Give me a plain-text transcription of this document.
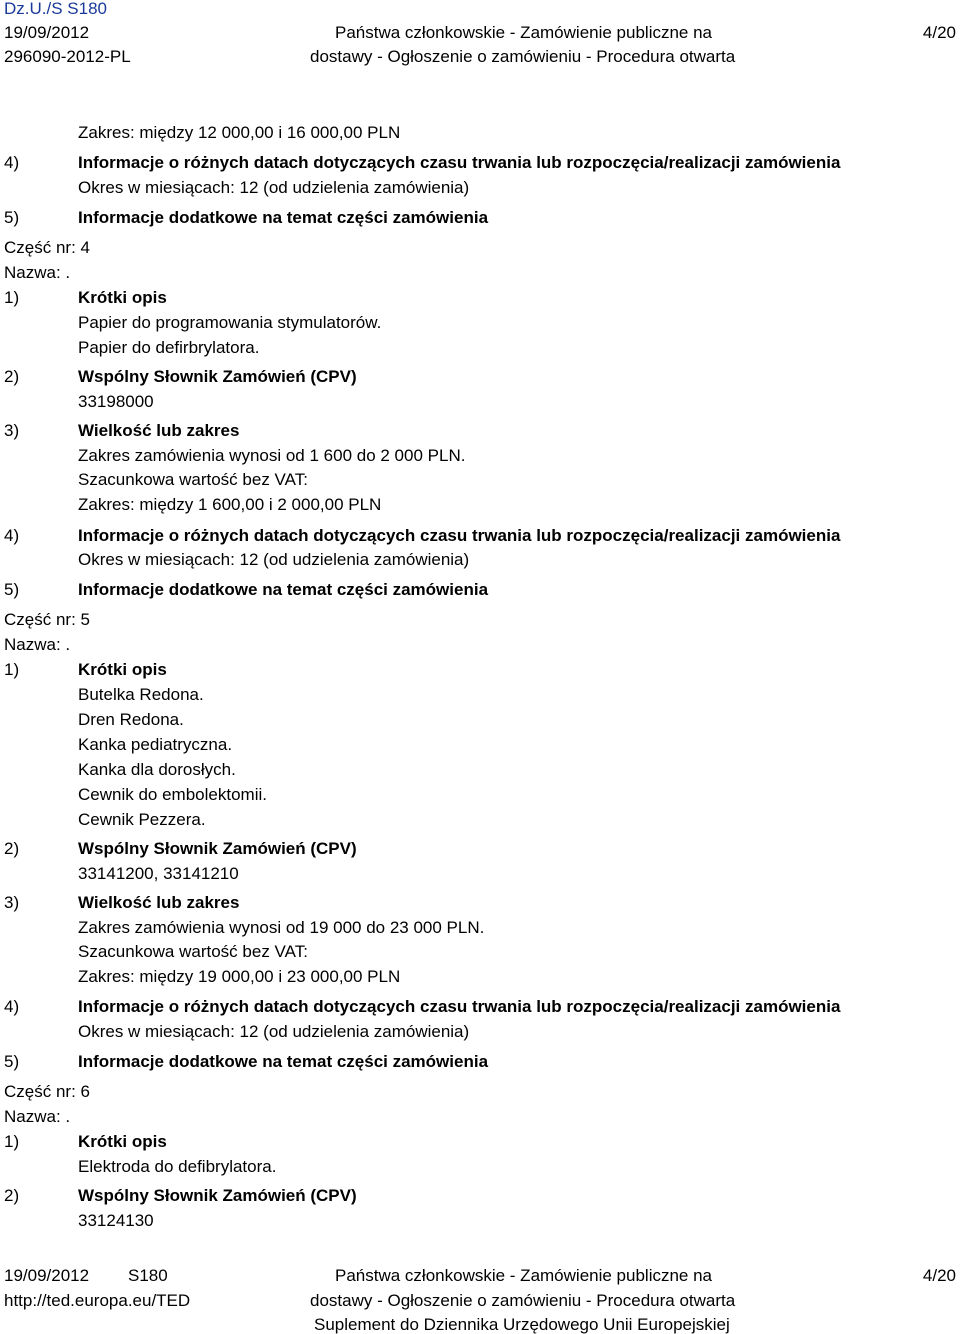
Dz.U./S S180
19/09/2012
296090-2012-PL
Państwa członkowskie - Zamówienie publiczne na
dostawy - Ogłoszenie o zamówieniu - Procedura otwarta
4/20
Zakres: między 12 000,00 i 16 000,00 PLN
4)	Informacje o różnych datach dotyczących czasu trwania lub rozpoczęcia/realizacji zamówienia
Okres w miesiącach: 12 (od udzielenia zamówienia)
5)	Informacje dodatkowe na temat części zamówienia
Część nr: 4
Nazwa: .
1)	Krótki opis
Papier do programowania stymulatorów.
Papier do defirbrylatora.
2)	Wspólny Słownik Zamówień (CPV)
33198000
3)	Wielkość lub zakres
Zakres zamówienia wynosi od 1 600 do 2 000 PLN.
Szacunkowa wartość bez VAT:
Zakres: między 1 600,00 i 2 000,00 PLN
4)	Informacje o różnych datach dotyczących czasu trwania lub rozpoczęcia/realizacji zamówienia
Okres w miesiącach: 12 (od udzielenia zamówienia)
5)	Informacje dodatkowe na temat części zamówienia
Część nr: 5
Nazwa: .
1)	Krótki opis
Butelka Redona.
Dren Redona.
Kanka pediatryczna.
Kanka dla dorosłych.
Cewnik do embolektomii.
Cewnik Pezzera.
2)	Wspólny Słownik Zamówień (CPV)
33141200, 33141210
3)	Wielkość lub zakres
Zakres zamówienia wynosi od 19 000 do 23 000 PLN.
Szacunkowa wartość bez VAT:
Zakres: między 19 000,00 i 23 000,00 PLN
4)	Informacje o różnych datach dotyczących czasu trwania lub rozpoczęcia/realizacji zamówienia
Okres w miesiącach: 12 (od udzielenia zamówienia)
5)	Informacje dodatkowe na temat części zamówienia
Część nr: 6
Nazwa: .
1)	Krótki opis
Elektroda do defibrylatora.
2)	Wspólny Słownik Zamówień (CPV)
33124130
19/09/2012 S180
http://ted.europa.eu/TED
Państwa członkowskie - Zamówienie publiczne na
dostawy - Ogłoszenie o zamówieniu - Procedura otwarta
Suplement do Dziennika Urzędowego Unii Europejskiej
4/20
